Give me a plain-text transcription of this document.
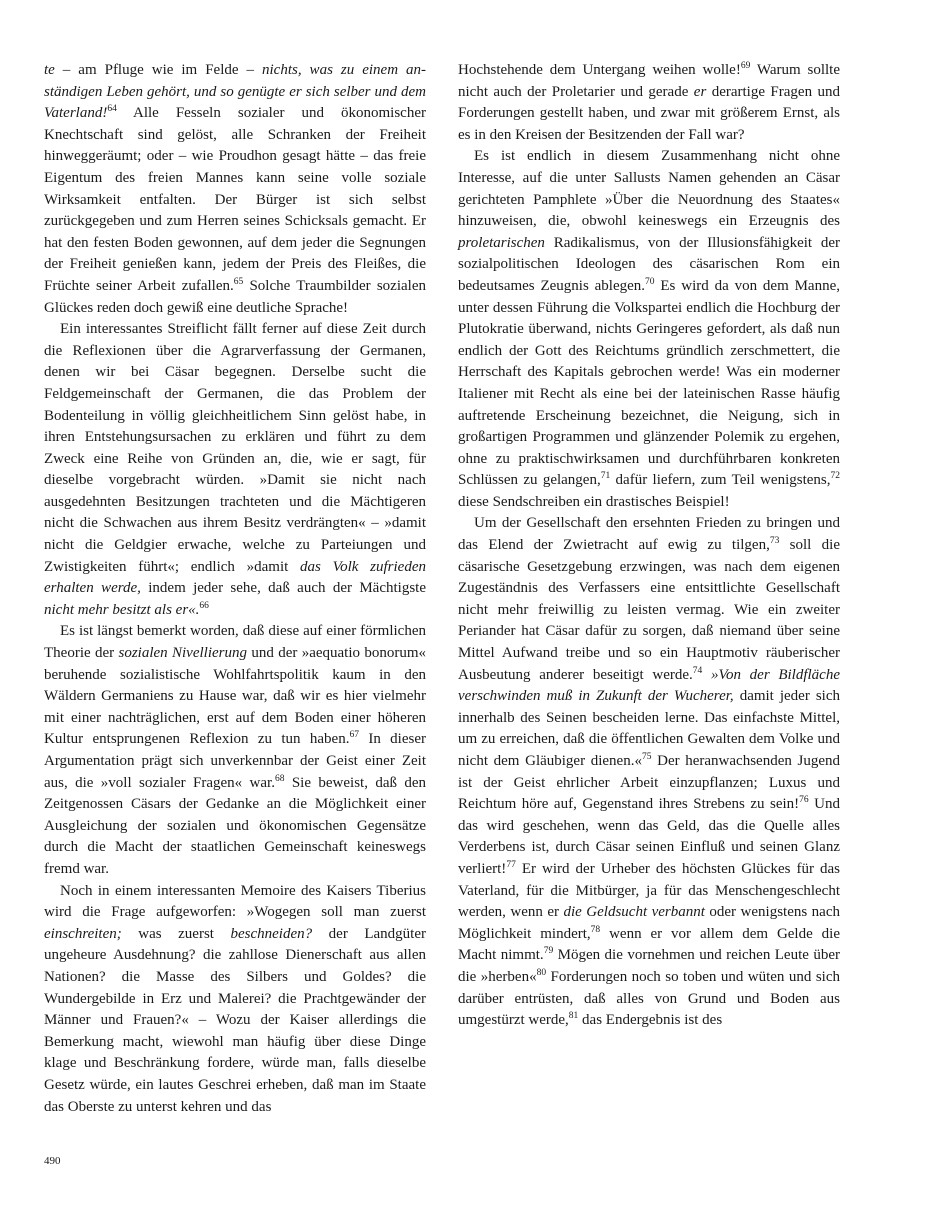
te – am Pfluge wie im Felde – nichts, was zu einem anständigen Leben gehört, und so genügte er sich selber und dem Vaterland!$^{64}$ Alle Fesseln sozialer und ökonomischer Knechtschaft sind gelöst, alle Schranken der Freiheit hinweggeräumt; oder – wie Proudhon gesagt hätte – das freie Eigentum des freien Mannes kann seine volle soziale Wirksamkeit entfalten. Der Bürger ist sich selbst zurückgegeben und zum Herren seines Schicksals gemacht. Er hat den festen Boden gewonnen, auf dem jeder die Segnungen der Freiheit genießen kann, jedem der Preis des Fleißes, die Früchte seiner Arbeit zufallen.$^{65}$ Solche Traumbilder sozialen Glückes reden doch gewiß eine deutliche Sprache!

Ein interessantes Streiflicht fällt ferner auf diese Zeit durch die Reflexionen über die Agrarverfassung der Germanen, denen wir bei Cäsar begegnen. Derselbe sucht die Feldgemeinschaft der Germanen, die das Problem der Bodenteilung in völlig gleichheitlichem Sinn gelöst habe, in ihren Entstehungsursachen zu erklären und führt zu dem Zweck eine Reihe von Gründen an, die, wie er sagt, für dieselbe vorgebracht würden. »Damit sie nicht nach ausgedehnten Besitzungen trachteten und die Mächtigeren nicht die Schwachen aus ihrem Besitz verdrängten« – »damit nicht die Geldgier erwache, welche zu Parteiungen und Zwistigkeiten führt«; endlich »damit das Volk zufrieden erhalten werde, indem jeder sehe, daß auch der Mächtigste nicht mehr besitzt als er«.$^{66}$

Es ist längst bemerkt worden, daß diese auf einer förmlichen Theorie der sozialen Nivellierung und der »aequatio bonorum« beruhende sozialistische Wohlfahrtspolitik kaum in den Wäldern Germaniens zu Hause war, daß wir es hier vielmehr mit einer nachträglichen, erst auf dem Boden einer höheren Kultur entsprungenen Reflexion zu tun haben.$^{67}$ In dieser Argumentation prägt sich unverkennbar der Geist einer Zeit aus, die »voll sozialer Fragen« war.$^{68}$ Sie beweist, daß den Zeitgenossen Cäsars der Gedanke an die Möglichkeit einer Ausgleichung der sozialen und ökonomischen Gegensätze durch die Macht der staatlichen Gemeinschaft keineswegs fremd war.

Noch in einem interessanten Memoire des Kaisers Tiberius wird die Frage aufgeworfen: »Wogegen soll man zuerst einschreiten; was zuerst beschneiden? der Landgüter ungeheure Ausdehnung? die zahllose Dienerschaft aus allen Nationen? die Masse des Silbers und Goldes? die Wundergebilde in Erz und Malerei? die Prachtgewänder der Männer und Frauen?« – Wozu der Kaiser allerdings die Bemerkung macht, wiewohl man häufig über diese Dinge klage und Beschränkung fordere, würde man, falls dieselbe Gesetz würde, ein lautes Geschrei erheben, daß man im Staate das Oberste zu unterst kehren und das

Hochstehende dem Untergang weihen wolle!$^{69}$ Warum sollte nicht auch der Proletarier und gerade er derartige Fragen und Forderungen gestellt haben, und zwar mit größerem Ernst, als es in den Kreisen der Besitzenden der Fall war?

Es ist endlich in diesem Zusammenhang nicht ohne Interesse, auf die unter Sallusts Namen gehenden an Cäsar gerichteten Pamphlete »Über die Neuordnung des Staates« hinzuweisen, die, obwohl keineswegs ein Erzeugnis des proletarischen Radikalismus, von der Illusionsfähigkeit der sozialpolitischen Ideologen des cäsarischen Rom ein bedeutsames Zeugnis ablegen.$^{70}$ Es wird da von dem Manne, unter dessen Führung die Volkspartei endlich die Hochburg der Plutokratie überwand, nichts Geringeres gefordert, als daß nun endlich der Gott des Reichtums gründlich zerschmettert, die Herrschaft des Kapitals gebrochen werde! Was ein moderner Italiener mit Recht als eine bei der lateinischen Rasse häufig auftretende Erscheinung bezeichnet, die Neigung, sich in großartigen Programmen und glänzender Polemik zu ergehen, ohne zu praktischwirksamen und durchführbaren konkreten Schlüssen zu gelangen,$^{71}$ dafür liefern, zum Teil wenigstens,$^{72}$ diese Sendschreiben ein drastisches Beispiel!

Um der Gesellschaft den ersehnten Frieden zu bringen und das Elend der Zwietracht auf ewig zu tilgen,$^{73}$ soll die cäsarische Gesetzgebung erzwingen, was nach dem eigenen Zugeständnis des Verfassers eine entsittlichte Gesellschaft nicht mehr freiwillig zu leisten vermag. Wie ein zweiter Periander hat Cäsar dafür zu sorgen, daß niemand über seine Mittel Aufwand treibe und so ein Hauptmotiv räuberischer Ausbeutung anderer beseitigt werde.$^{74}$ »Von der Bildfläche verschwinden muß in Zukunft der Wucherer, damit jeder sich innerhalb des Seinen bescheiden lerne. Das einfachste Mittel, um zu erreichen, daß die öffentlichen Gewalten dem Volke und nicht dem Gläubiger dienen.«$^{75}$ Der heranwachsenden Jugend ist der Geist ehrlicher Arbeit einzupflanzen; Luxus und Reichtum höre auf, Gegenstand ihres Strebens zu sein!$^{76}$ Und das wird geschehen, wenn das Geld, das die Quelle alles Verderbens ist, durch Cäsar seinen Einfluß und seinen Glanz verliert!$^{77}$ Er wird der Urheber des höchsten Glückes für das Vaterland, für die Mitbürger, ja für das Menschengeschlecht werden, wenn er die Geldsucht verbannt oder wenigstens nach Möglichkeit mindert,$^{78}$ wenn er vor allem dem Gelde die Macht nimmt.$^{79}$ Mögen die vornehmen und reichen Leute über die »herben«$^{80}$ Forderungen noch so toben und wüten und sich darüber entrüsten, daß alles von Grund und Boden aus umgestürzt werde,$^{81}$ das Endergebnis ist des

490
